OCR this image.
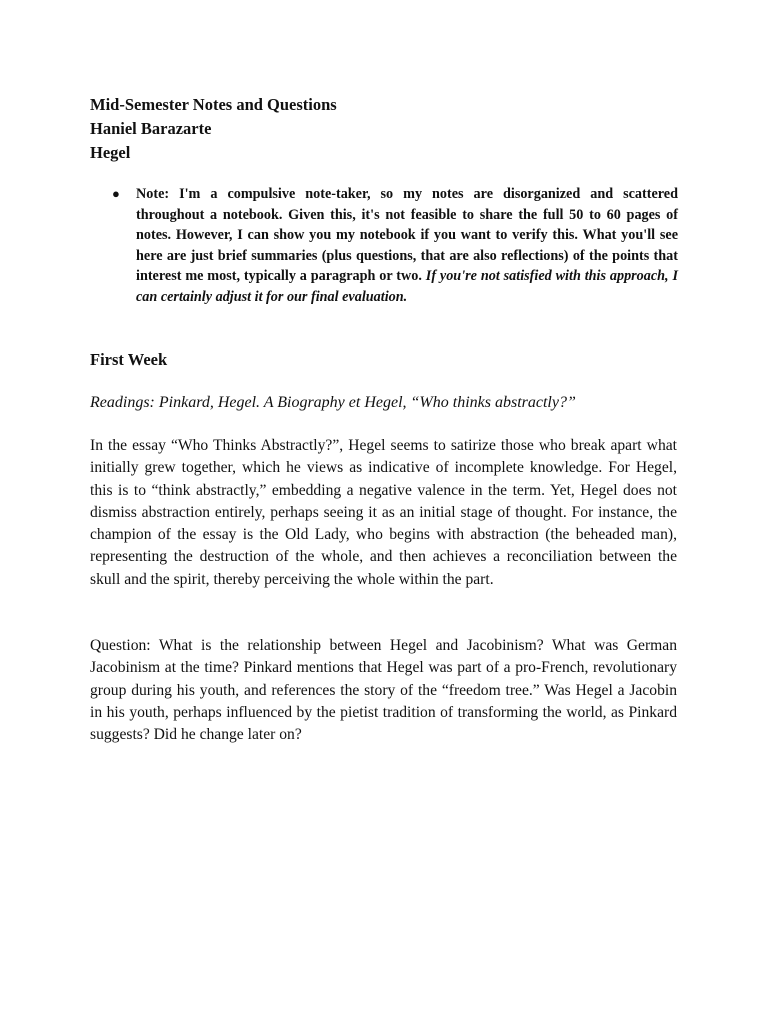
Mid-Semester Notes and Questions
Haniel Barazarte
Hegel
● Note: I'm a compulsive note-taker, so my notes are disorganized and scattered throughout a notebook. Given this, it's not feasible to share the full 50 to 60 pages of notes. However, I can show you my notebook if you want to verify this. What you'll see here are just brief summaries (plus questions, that are also reflections) of the points that interest me most, typically a paragraph or two. If you're not satisfied with this approach, I can certainly adjust it for our final evaluation.
First Week
Readings: Pinkard, Hegel. A Biography et Hegel, “Who thinks abstractly?”
In the essay “Who Thinks Abstractly?”, Hegel seems to satirize those who break apart what initially grew together, which he views as indicative of incomplete knowledge. For Hegel, this is to “think abstractly,” embedding a negative valence in the term. Yet, Hegel does not dismiss abstraction entirely, perhaps seeing it as an initial stage of thought. For instance, the champion of the essay is the Old Lady, who begins with abstraction (the beheaded man), representing the destruction of the whole, and then achieves a reconciliation between the skull and the spirit, thereby perceiving the whole within the part.
Question: What is the relationship between Hegel and Jacobinism? What was German Jacobinism at the time? Pinkard mentions that Hegel was part of a pro-French, revolutionary group during his youth, and references the story of the “freedom tree.” Was Hegel a Jacobin in his youth, perhaps influenced by the pietist tradition of transforming the world, as Pinkard suggests? Did he change later on?
